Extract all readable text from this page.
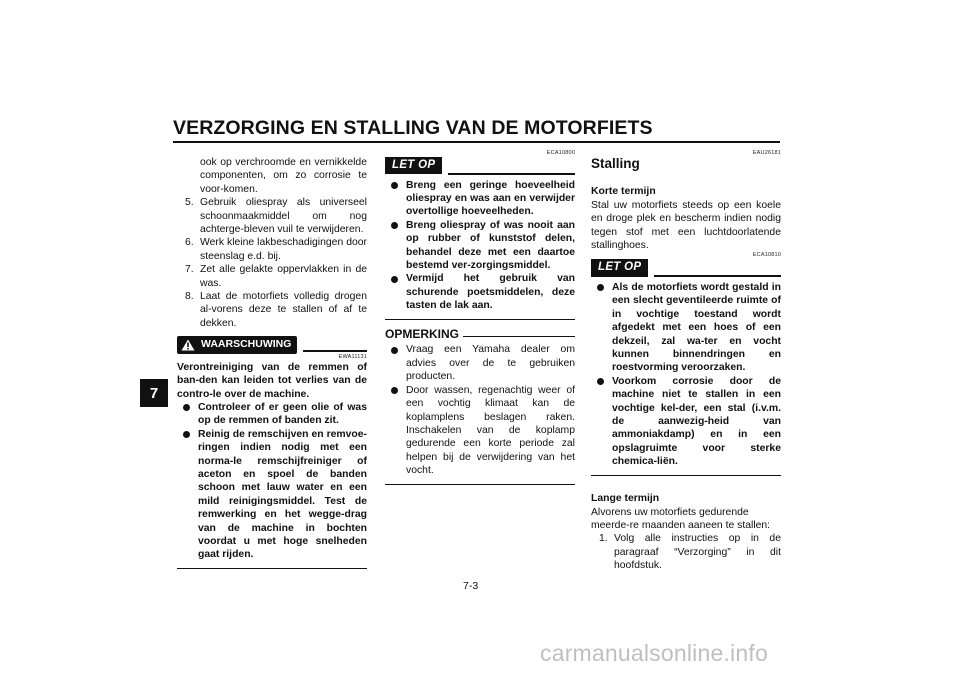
VERZORGING EN STALLING VAN DE MOTORFIETS
7
ook op verchroomde en vernikkelde componenten, om zo corrosie te voor-komen.
5. Gebruik oliespray als universeel schoonmaakmiddel om nog achterge-bleven vuil te verwijderen.
6. Werk kleine lakbeschadigingen door steenslag e.d. bij.
7. Zet alle gelakte oppervlakken in de was.
8. Laat de motorfiets volledig drogen al-vorens deze te stallen of af te dekken.
WAARSCHUWING
EWA11131
Verontreiniging van de remmen of ban-den kan leiden tot verlies van de contro-le over de machine.
Controleer of er geen olie of was op de remmen of banden zit.
Reinig de remschijven en remvoe-ringen indien nodig met een norma-le remschijfreiniger of aceton en spoel de banden schoon met lauw water en een mild reinigingsmiddel. Test de remwerking en het wegge-drag van de machine in bochten voordat u met hoge snelheden gaat rijden.
ECA10800
LET OP
Breng een geringe hoeveelheid oliespray en was aan en verwijder overtollige hoeveelheden.
Breng oliespray of was nooit aan op rubber of kunststof delen, behandel deze met een daartoe bestemd ver-zorgingsmiddel.
Vermijd het gebruik van schurende poetsmiddelen, deze tasten de lak aan.
OPMERKING
Vraag een Yamaha dealer om advies over de te gebruiken producten.
Door wassen, regenachtig weer of een vochtig klimaat kan de koplamplens beslagen raken. Inschakelen van de koplamp gedurende een korte periode zal helpen bij de verwijdering van het vocht.
EAU26181
Stalling
Korte termijn
Stal uw motorfiets steeds op een koele en droge plek en bescherm indien nodig tegen stof met een luchtdoorlatende stallinghoes.
ECA10810
LET OP
Als de motorfiets wordt gestald in een slecht geventileerde ruimte of in vochtige toestand wordt afgedekt met een hoes of een dekzeil, zal wa-ter en vocht kunnen binnendringen en roestvorming veroorzaken.
Voorkom corrosie door de machine niet te stallen in een vochtige kel-der, een stal (i.v.m. de aanwezig-heid van ammoniakdamp) en in een opslagruimte voor sterke chemica-liën.
Lange termijn
Alvorens uw motorfiets gedurende meerde-re maanden aaneen te stallen:
1. Volg alle instructies op in de paragraaf “Verzorging” in dit hoofdstuk.
7-3
carmanualsonline.info
